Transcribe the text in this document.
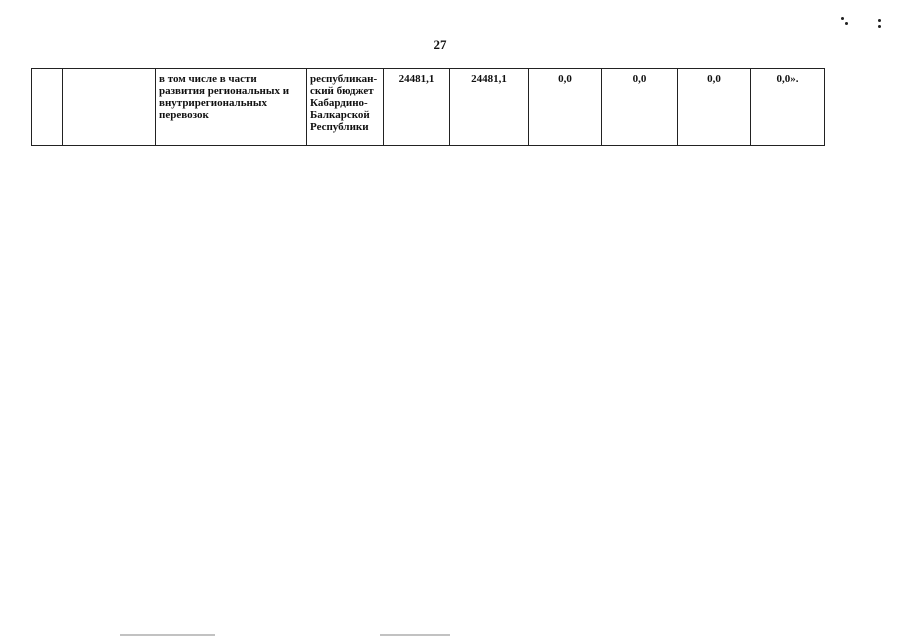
27
		в том числе в части развития региональных и внутрирегиональных перевозок	республикан-ский бюджет Кабардино-Балкарской Республики	24481,1	24481,1	0,0	0,0	0,0	0,0».
